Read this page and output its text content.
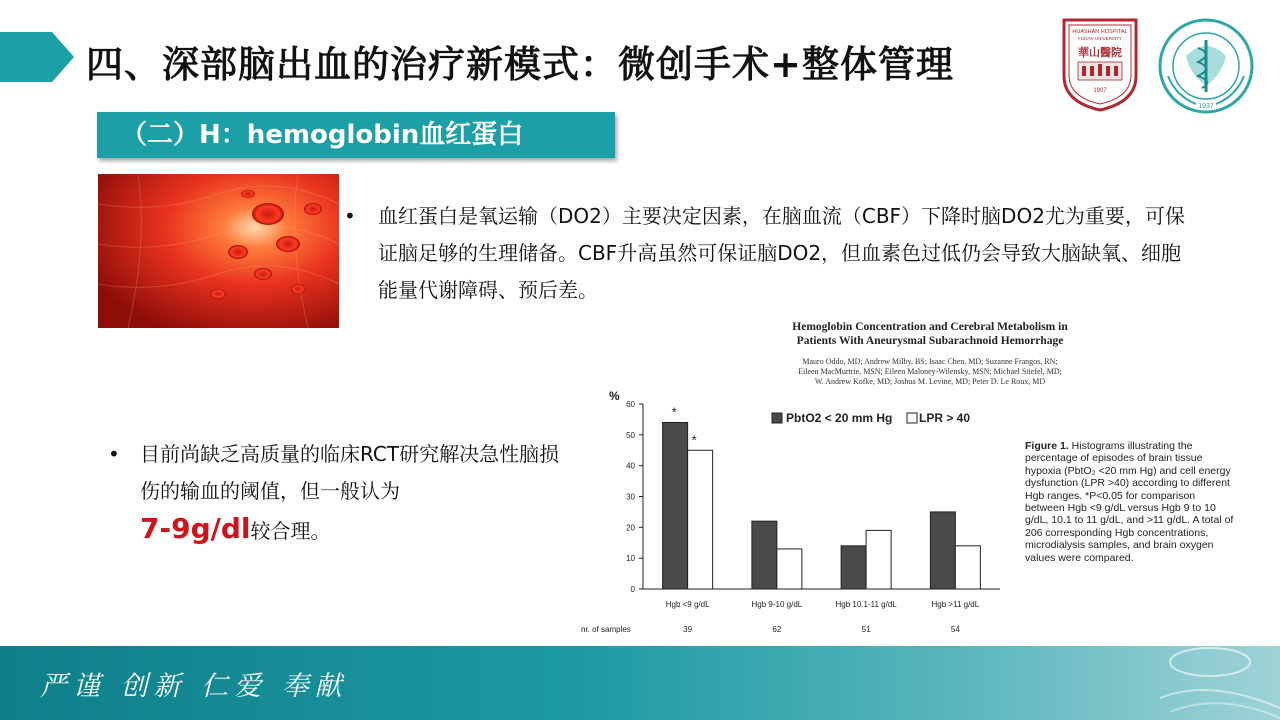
四、深部脑出血的治疗新模式：微创手术+整体管理
HUASHAN HOSPITAL
FUDAN UNIVERSITY
華山醫院
1907
1937
（二）H：hemoglobin血红蛋白
• 血红蛋白是氧运输（DO2）主要决定因素，在脑血流（CBF）下降时脑DO2尤为重要，可保证脑足够的生理储备。CBF升高虽然可保证脑DO2，但血素色过低仍会导致大脑缺氧、细胞能量代谢障碍、预后差。
• 目前尚缺乏高质量的临床RCT研究解决急性脑损伤的输血的阈值，但一般认为
7-9g/dl较合理。
Hemoglobin Concentration and Cerebral Metabolism in
Patients With Aneurysmal Subarachnoid Hemorrhage
Mauro Oddo, MD; Andrew Milby, BS; Isaac Chen, MD; Suzanne Frangos, RN;
Eileen MacMurtrie, MSN; Eileen Maloney-Wilensky, MSN; Michael Stiefel, MD;
W. Andrew Kofke, MD; Joshua M. Levine, MD; Peter D. Le Roux, MD
%
0
10
20
30
40
50
60
PbtO2 < 20 mm Hg LPR > 40
*
*
Hgb <9 g/dL
39
Hgb 9-10 g/dL
62
Hgb 10.1-11 g/dL
51
Hgb >11 g/dL
54
nr. of samples
Figure 1. Histograms illustrating the percentage of episodes of brain tissue hypoxia (PbtO₂ <20 mm Hg) and cell energy dysfunction (LPR >40) according to different Hgb ranges. *P<0.05 for comparison between Hgb <9 g/dL versus Hgb 9 to 10 g/dL, 10.1 to 11 g/dL, and >11 g/dL. A total of 206 corresponding Hgb concentrations, microdialysis samples, and brain oxygen values were compared.
严谨 创新 仁爱 奉献
